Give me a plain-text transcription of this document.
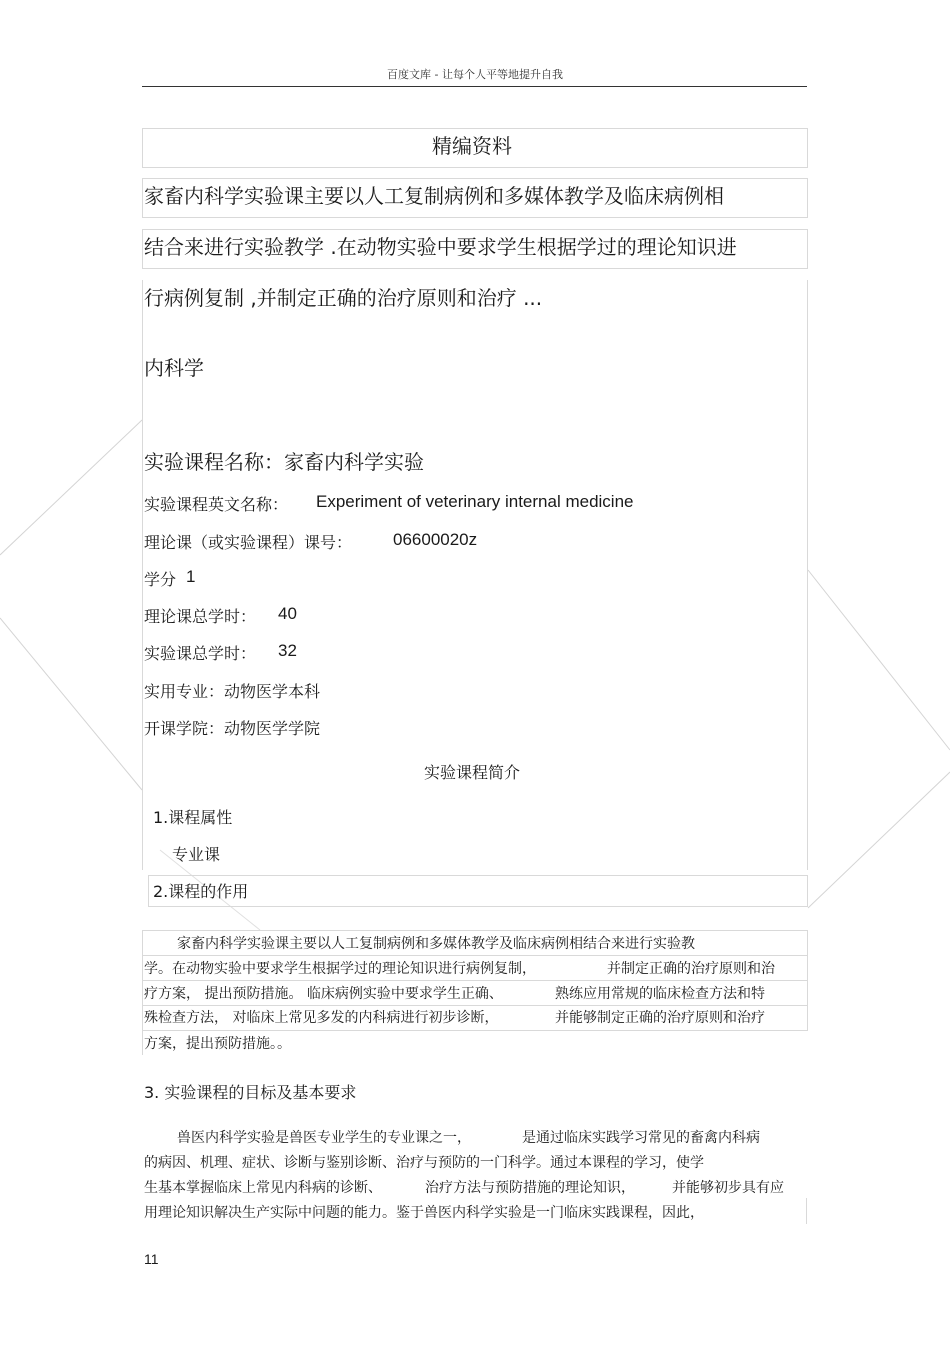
百度文库 - 让每个人平等地提升自我
精编资料
家畜内科学实验课主要以人工复制病例和多媒体教学及临床病例相
结合来进行实验教学 .在动物实验中要求学生根据学过的理论知识进
行病例复制 ,并制定正确的治疗原则和治疗 ...
内科学
实验课程名称：家畜内科学实验
实验课程英文名称： Experiment of veterinary internal medicine
理论课（或实验课程）课号： 06600020z
学分 1
理论课总学时： 40
实验课总学时： 32
实用专业：动物医学本科
开课学院：动物医学学院
实验课程简介
1.课程属性
专业课
2.课程的作用
家畜内科学实验课主要以人工复制病例和多媒体教学及临床病例相结合来进行实验教
学。在动物实验中要求学生根据学过的理论知识进行病例复制，	并制定正确的治疗原则和治
疗方案， 提出预防措施。 临床病例实验中要求学生正确、	熟练应用常规的临床检查方法和特
殊检查方法， 对临床上常见多发的内科病进行初步诊断，	并能够制定正确的治疗原则和治疗
方案，提出预防措施。。
3. 实验课程的目标及基本要求
兽医内科学实验是兽医专业学生的专业课之一，	是通过临床实践学习常见的畜禽内科病
的病因、机理、症状、诊断与鉴别诊断、治疗与预防的一门科学。通过本课程的学习，使学
生基本掌握临床上常见内科病的诊断、	治疗方法与预防措施的理论知识，	并能够初步具有应
用理论知识解决生产实际中问题的能力。鉴于兽医内科学实验是一门临床实践课程，因此，
11
